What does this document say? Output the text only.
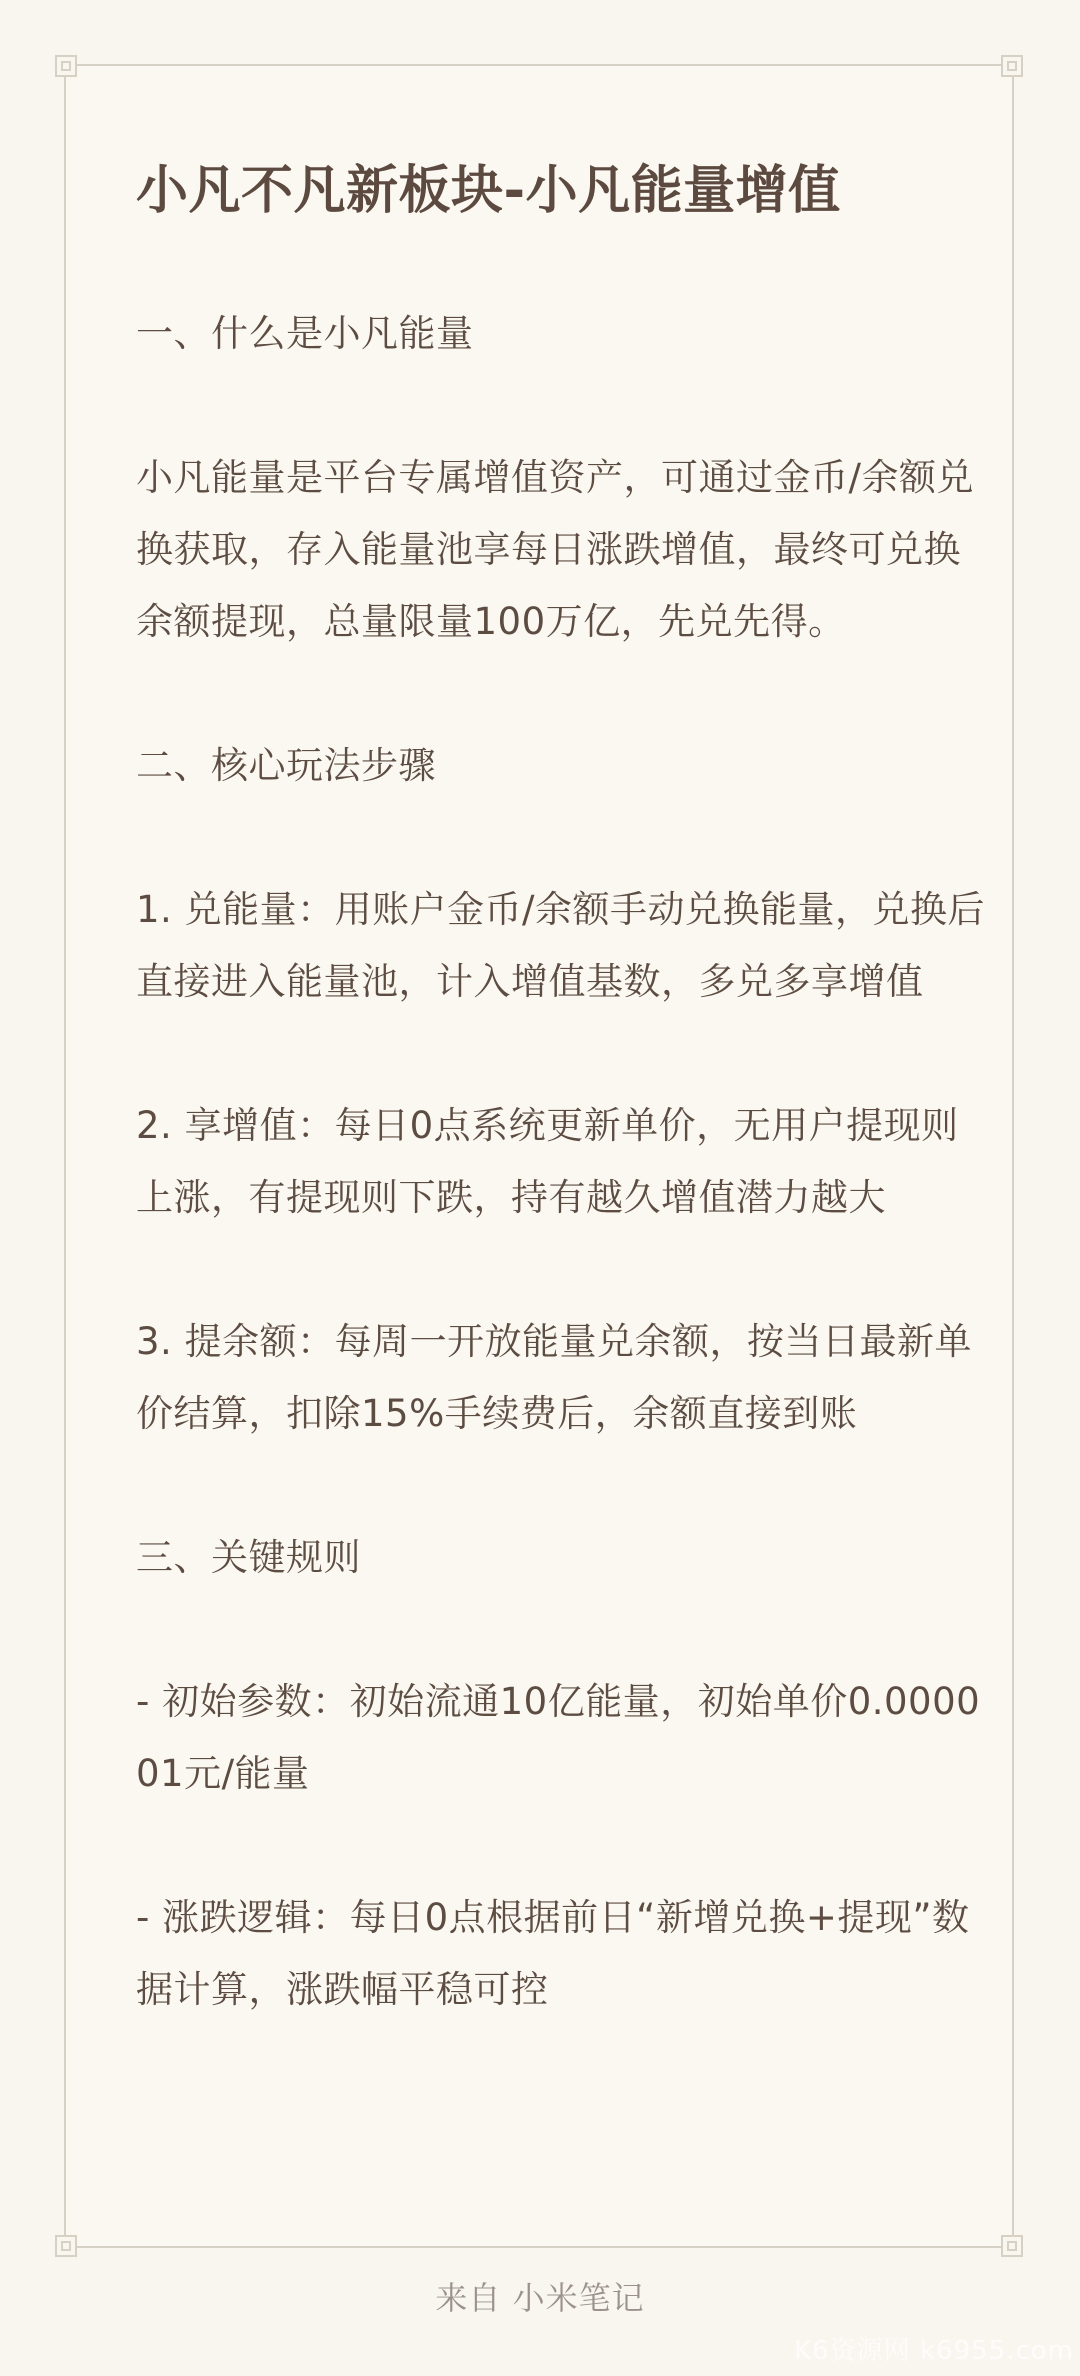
小凡不凡新板块-小凡能量增值

一、什么是小凡能量

小凡能量是平台专属增值资产，可通过金币/余额兑换获取，存入能量池享每日涨跌增值，最终可兑换余额提现，总量限量100万亿，先兑先得。

二、核心玩法步骤

1. 兑能量：用账户金币/余额手动兑换能量，兑换后直接进入能量池，计入增值基数，多兑多享增值

2. 享增值：每日0点系统更新单价，无用户提现则上涨，有提现则下跌，持有越久增值潜力越大

3. 提余额：每周一开放能量兑余额，按当日最新单价结算，扣除15%手续费后，余额直接到账

三、关键规则

- 初始参数：初始流通10亿能量，初始单价0.000001元/能量

- 涨跌逻辑：每日0点根据前日“新增兑换+提现”数据计算，涨跌幅平稳可控

来自 小米笔记
K6资源网 k6955.com
